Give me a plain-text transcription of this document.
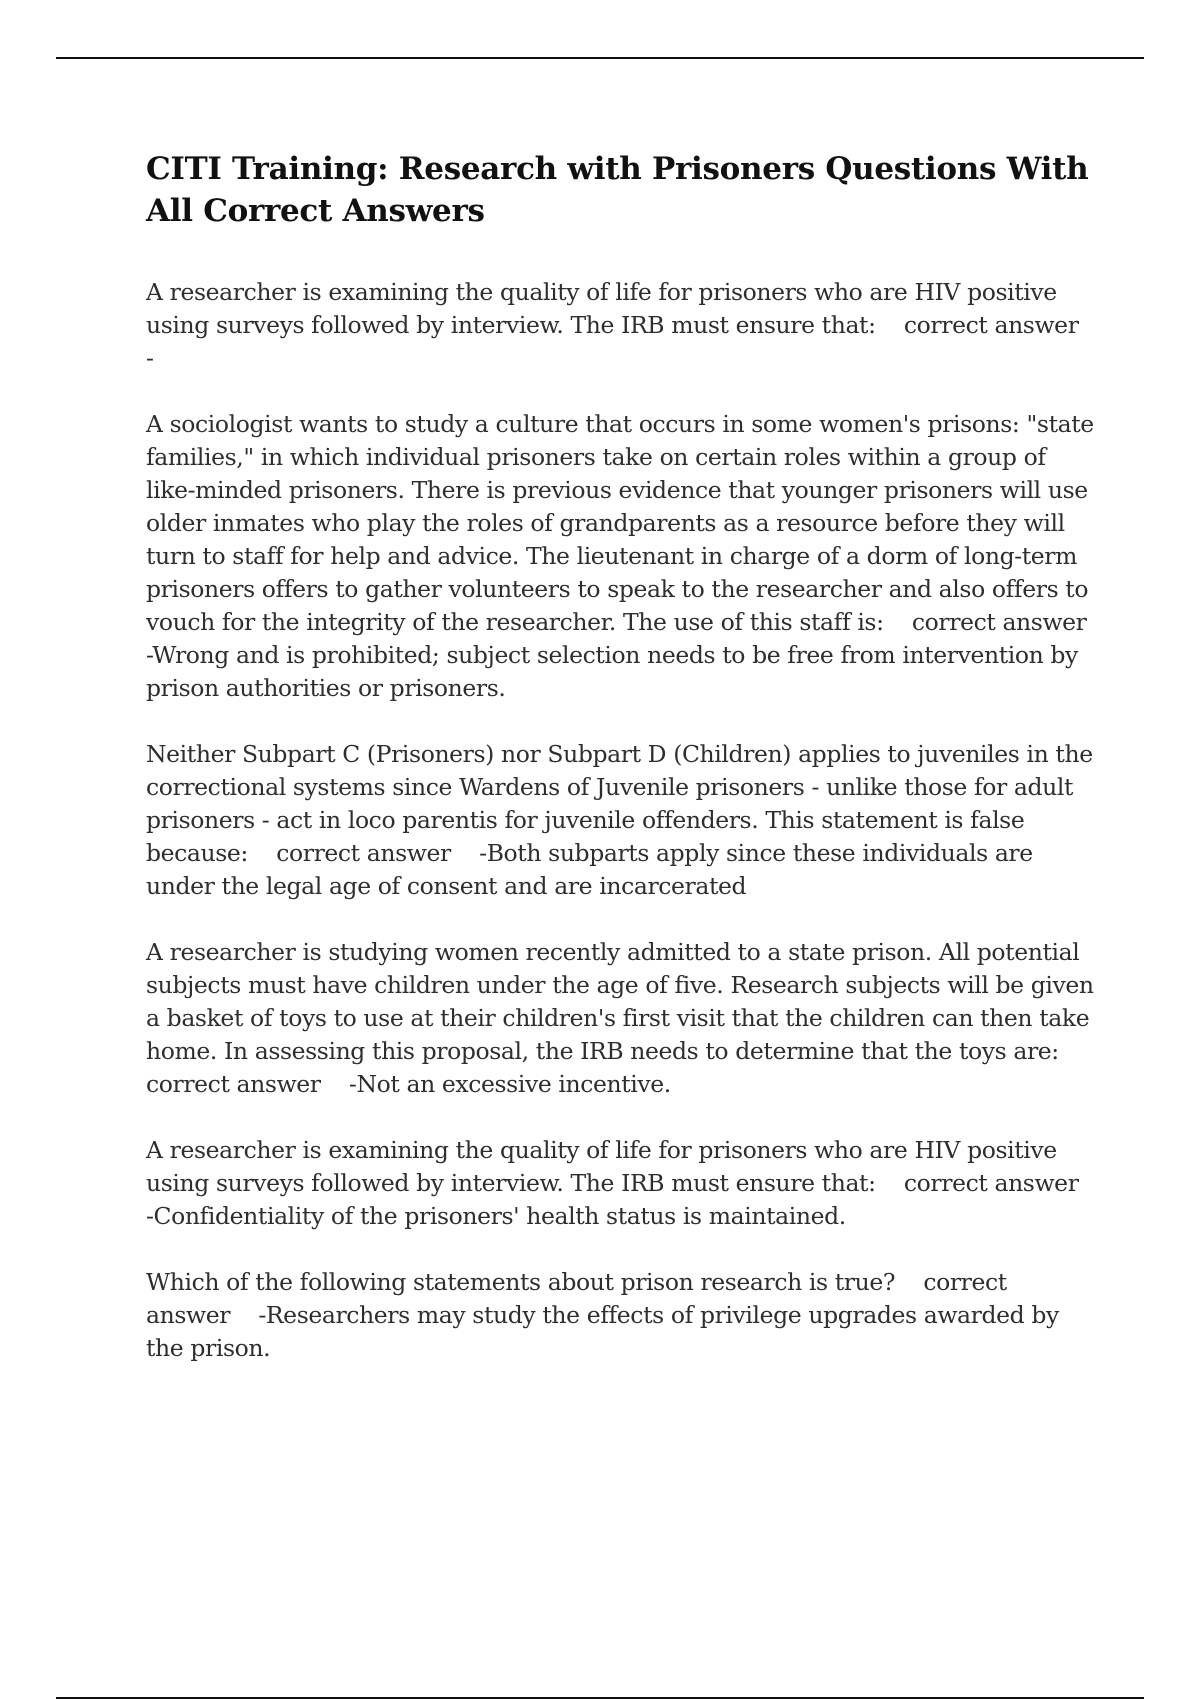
CITI Training: Research with Prisoners Questions With All Correct Answers

A researcher is examining the quality of life for prisoners who are HIV positive using surveys followed by interview. The IRB must ensure that:    correct answer    -

A sociologist wants to study a culture that occurs in some women's prisons: "state families," in which individual prisoners take on certain roles within a group of like-minded prisoners. There is previous evidence that younger prisoners will use older inmates who play the roles of grandparents as a resource before they will turn to staff for help and advice. The lieutenant in charge of a dorm of long-term prisoners offers to gather volunteers to speak to the researcher and also offers to vouch for the integrity of the researcher. The use of this staff is:    correct answer    -Wrong and is prohibited; subject selection needs to be free from intervention by prison authorities or prisoners.

Neither Subpart C (Prisoners) nor Subpart D (Children) applies to juveniles in the correctional systems since Wardens of Juvenile prisoners - unlike those for adult prisoners - act in loco parentis for juvenile offenders. This statement is false because:    correct answer    -Both subparts apply since these individuals are under the legal age of consent and are incarcerated

A researcher is studying women recently admitted to a state prison. All potential subjects must have children under the age of five. Research subjects will be given a basket of toys to use at their children's first visit that the children can then take home. In assessing this proposal, the IRB needs to determine that the toys are:    correct answer    -Not an excessive incentive.

A researcher is examining the quality of life for prisoners who are HIV positive using surveys followed by interview. The IRB must ensure that:    correct answer    -Confidentiality of the prisoners' health status is maintained.

Which of the following statements about prison research is true?    correct answer    -Researchers may study the effects of privilege upgrades awarded by the prison.
